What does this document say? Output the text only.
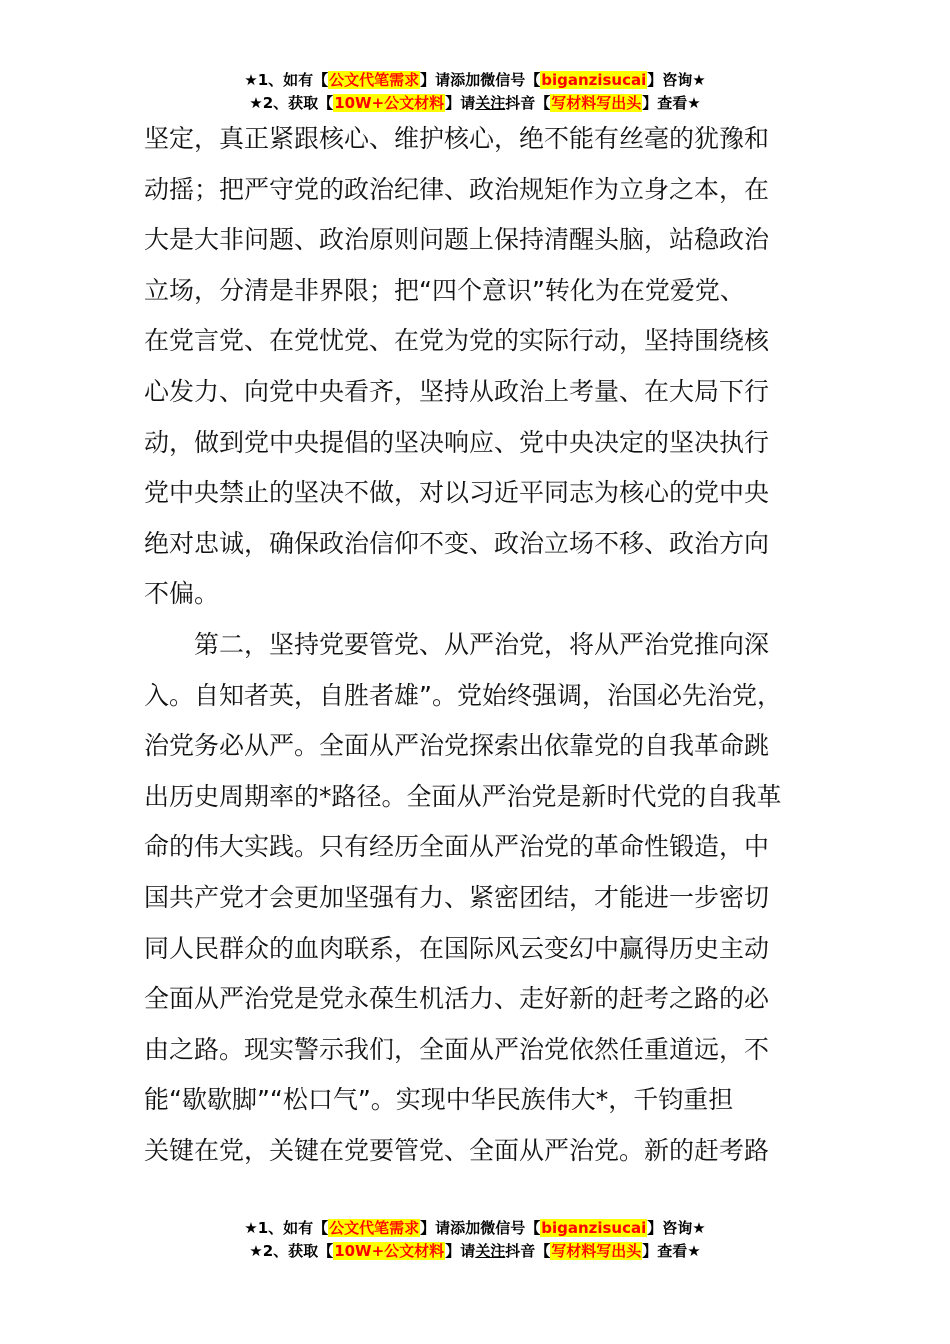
★1、如有【公文代笔需求】请添加微信号【biganzisucai】咨询★
★2、获取【10W+公文材料】请关注抖音【写材料写出头】查看★
坚定，真正紧跟核心、维护核心，绝不能有丝毫的犹豫和
动摇；把严守党的政治纪律、政治规矩作为立身之本，在
大是大非问题、政治原则问题上保持清醒头脑，站稳政治
立场，分清是非界限；把“四个意识”转化为在党爱党、
在党言党、在党忧党、在党为党的实际行动，坚持围绕核
心发力、向党中央看齐，坚持从政治上考量、在大局下行
动，做到党中央提倡的坚决响应、党中央决定的坚决执行
党中央禁止的坚决不做，对以习近平同志为核心的党中央
绝对忠诚，确保政治信仰不变、政治立场不移、政治方向
不偏。
第二，坚持党要管党、从严治党，将从严治党推向深
入。自知者英，自胜者雄”。党始终强调，治国必先治党，
治党务必从严。全面从严治党探索出依靠党的自我革命跳
出历史周期率的*路径。全面从严治党是新时代党的自我革
命的伟大实践。只有经历全面从严治党的革命性锻造，中
国共产党才会更加坚强有力、紧密团结，才能进一步密切
同人民群众的血肉联系，在国际风云变幻中赢得历史主动
全面从严治党是党永葆生机活力、走好新的赶考之路的必
由之路。现实警示我们，全面从严治党依然任重道远，不
能“歇歇脚”“松口气”。实现中华民族伟大*，千钧重担
关键在党，关键在党要管党、全面从严治党。新的赶考路
★1、如有【公文代笔需求】请添加微信号【biganzisucai】咨询★
★2、获取【10W+公文材料】请关注抖音【写材料写出头】查看★
